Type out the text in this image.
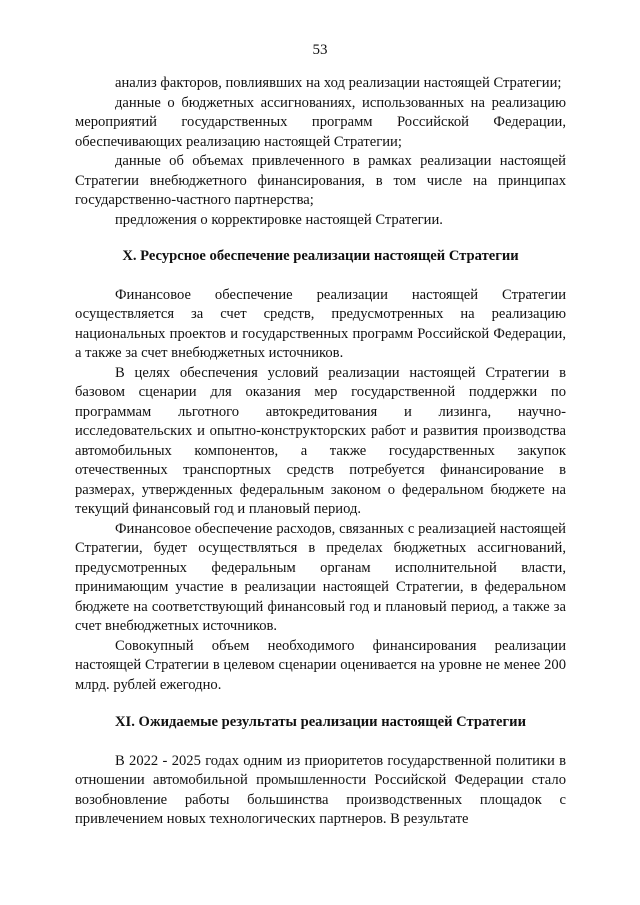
53

анализ факторов, повлиявших на ход реализации настоящей Стратегии;

данные о бюджетных ассигнованиях, использованных на реализацию мероприятий государственных программ Российской Федерации, обеспечивающих реализацию настоящей Стратегии;

данные об объемах привлеченного в рамках реализации настоящей Стратегии внебюджетного финансирования, в том числе на принципах государственно-частного партнерства;

предложения о корректировке настоящей Стратегии.

X. Ресурсное обеспечение реализации настоящей Стратегии

Финансовое обеспечение реализации настоящей Стратегии осуществляется за счет средств, предусмотренных на реализацию национальных проектов и государственных программ Российской Федерации, а также за счет внебюджетных источников.

В целях обеспечения условий реализации настоящей Стратегии в базовом сценарии для оказания мер государственной поддержки по программам льготного автокредитования и лизинга, научно-исследовательских и опытно-конструкторских работ и развития производства автомобильных компонентов, а также государственных закупок отечественных транспортных средств потребуется финансирование в размерах, утвержденных федеральным законом о федеральном бюджете на текущий финансовый год и плановый период.

Финансовое обеспечение расходов, связанных с реализацией настоящей Стратегии, будет осуществляться в пределах бюджетных ассигнований, предусмотренных федеральным органам исполнительной власти, принимающим участие в реализации настоящей Стратегии, в федеральном бюджете на соответствующий финансовый год и плановый период, а также за счет внебюджетных источников.

Совокупный объем необходимого финансирования реализации настоящей Стратегии в целевом сценарии оценивается на уровне не менее 200 млрд. рублей ежегодно.

XI. Ожидаемые результаты реализации настоящей Стратегии

В 2022 - 2025 годах одним из приоритетов государственной политики в отношении автомобильной промышленности Российской Федерации стало возобновление работы большинства производственных площадок с привлечением новых технологических партнеров. В результате
